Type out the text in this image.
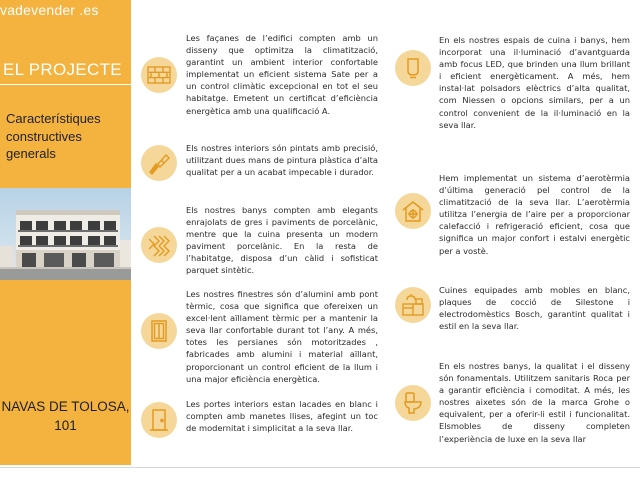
vadevender .es
EL PROJECTE
Característiques constructives generals
NAVAS DE TOLOSA, 101
Les façanes de l’edifici compten amb un disseny que optimitza la climatització, garantint un ambient interior confortable implementat un eficient sistema Sate per a un control climàtic excepcional en tot el seu habitatge. Emetent un certificat d’eficiència energètica amb una qualificació A.
Els nostres interiors són pintats amb precisió, utilitzant dues mans de pintura plàstica d’alta qualitat per a un acabat impecable i durador.
Els nostres banys compten amb elegants enrajolats de gres i paviments de porcelànic, mentre que la cuina presenta un modern paviment porcelànic. En la resta de l’habitatge, disposa d’un càlid i sofisticat parquet sintètic.
Les nostres finestres són d’alumini amb pont tèrmic, cosa que significa que ofereixen un excel·lent aïllament tèrmic per a mantenir la seva llar confortable durant tot l’any. A més, totes les persianes són motoritzades , fabricades amb alumini i material aïllant, proporcionant un control eficient de la llum i una major eficiència energètica.
Les portes interiors estan lacades en blanc i compten amb manetes llises, afegint un toc de modernitat i simplicitat a la seva llar.
En els nostres espais de cuina i banys, hem incorporat una il·luminació d’avantguarda amb focus LED, que brinden una llum brillant i eficient energèticament. A més, hem instal·lat polsadors elèctrics d’alta qualitat, com Niessen o opcions similars, per a un control convenient de la il·luminació en la seva llar.
Hem implementat un sistema d’aerotèrmia d’última generació pel control de la climatització de la seva llar. L’aerotèrmia utilitza l’energia de l’aire per a proporcionar calefacció i refrigeració eficient, cosa que significa un major confort i estalvi energètic per a vostè.
Cuines equipades amb mobles en blanc, plaques de cocció de Silestone i electrodomèstics Bosch, garantint qualitat i estil en la seva llar.
En els nostres banys, la qualitat i el disseny són fonamentals. Utilitzem sanitaris Roca per a garantir eficiència i comoditat. A més, les nostres aixetes són de la marca Grohe o equivalent, per a oferir-li estil i funcionalitat. Elsmobles de disseny completen l’experiència de luxe en la seva llar
